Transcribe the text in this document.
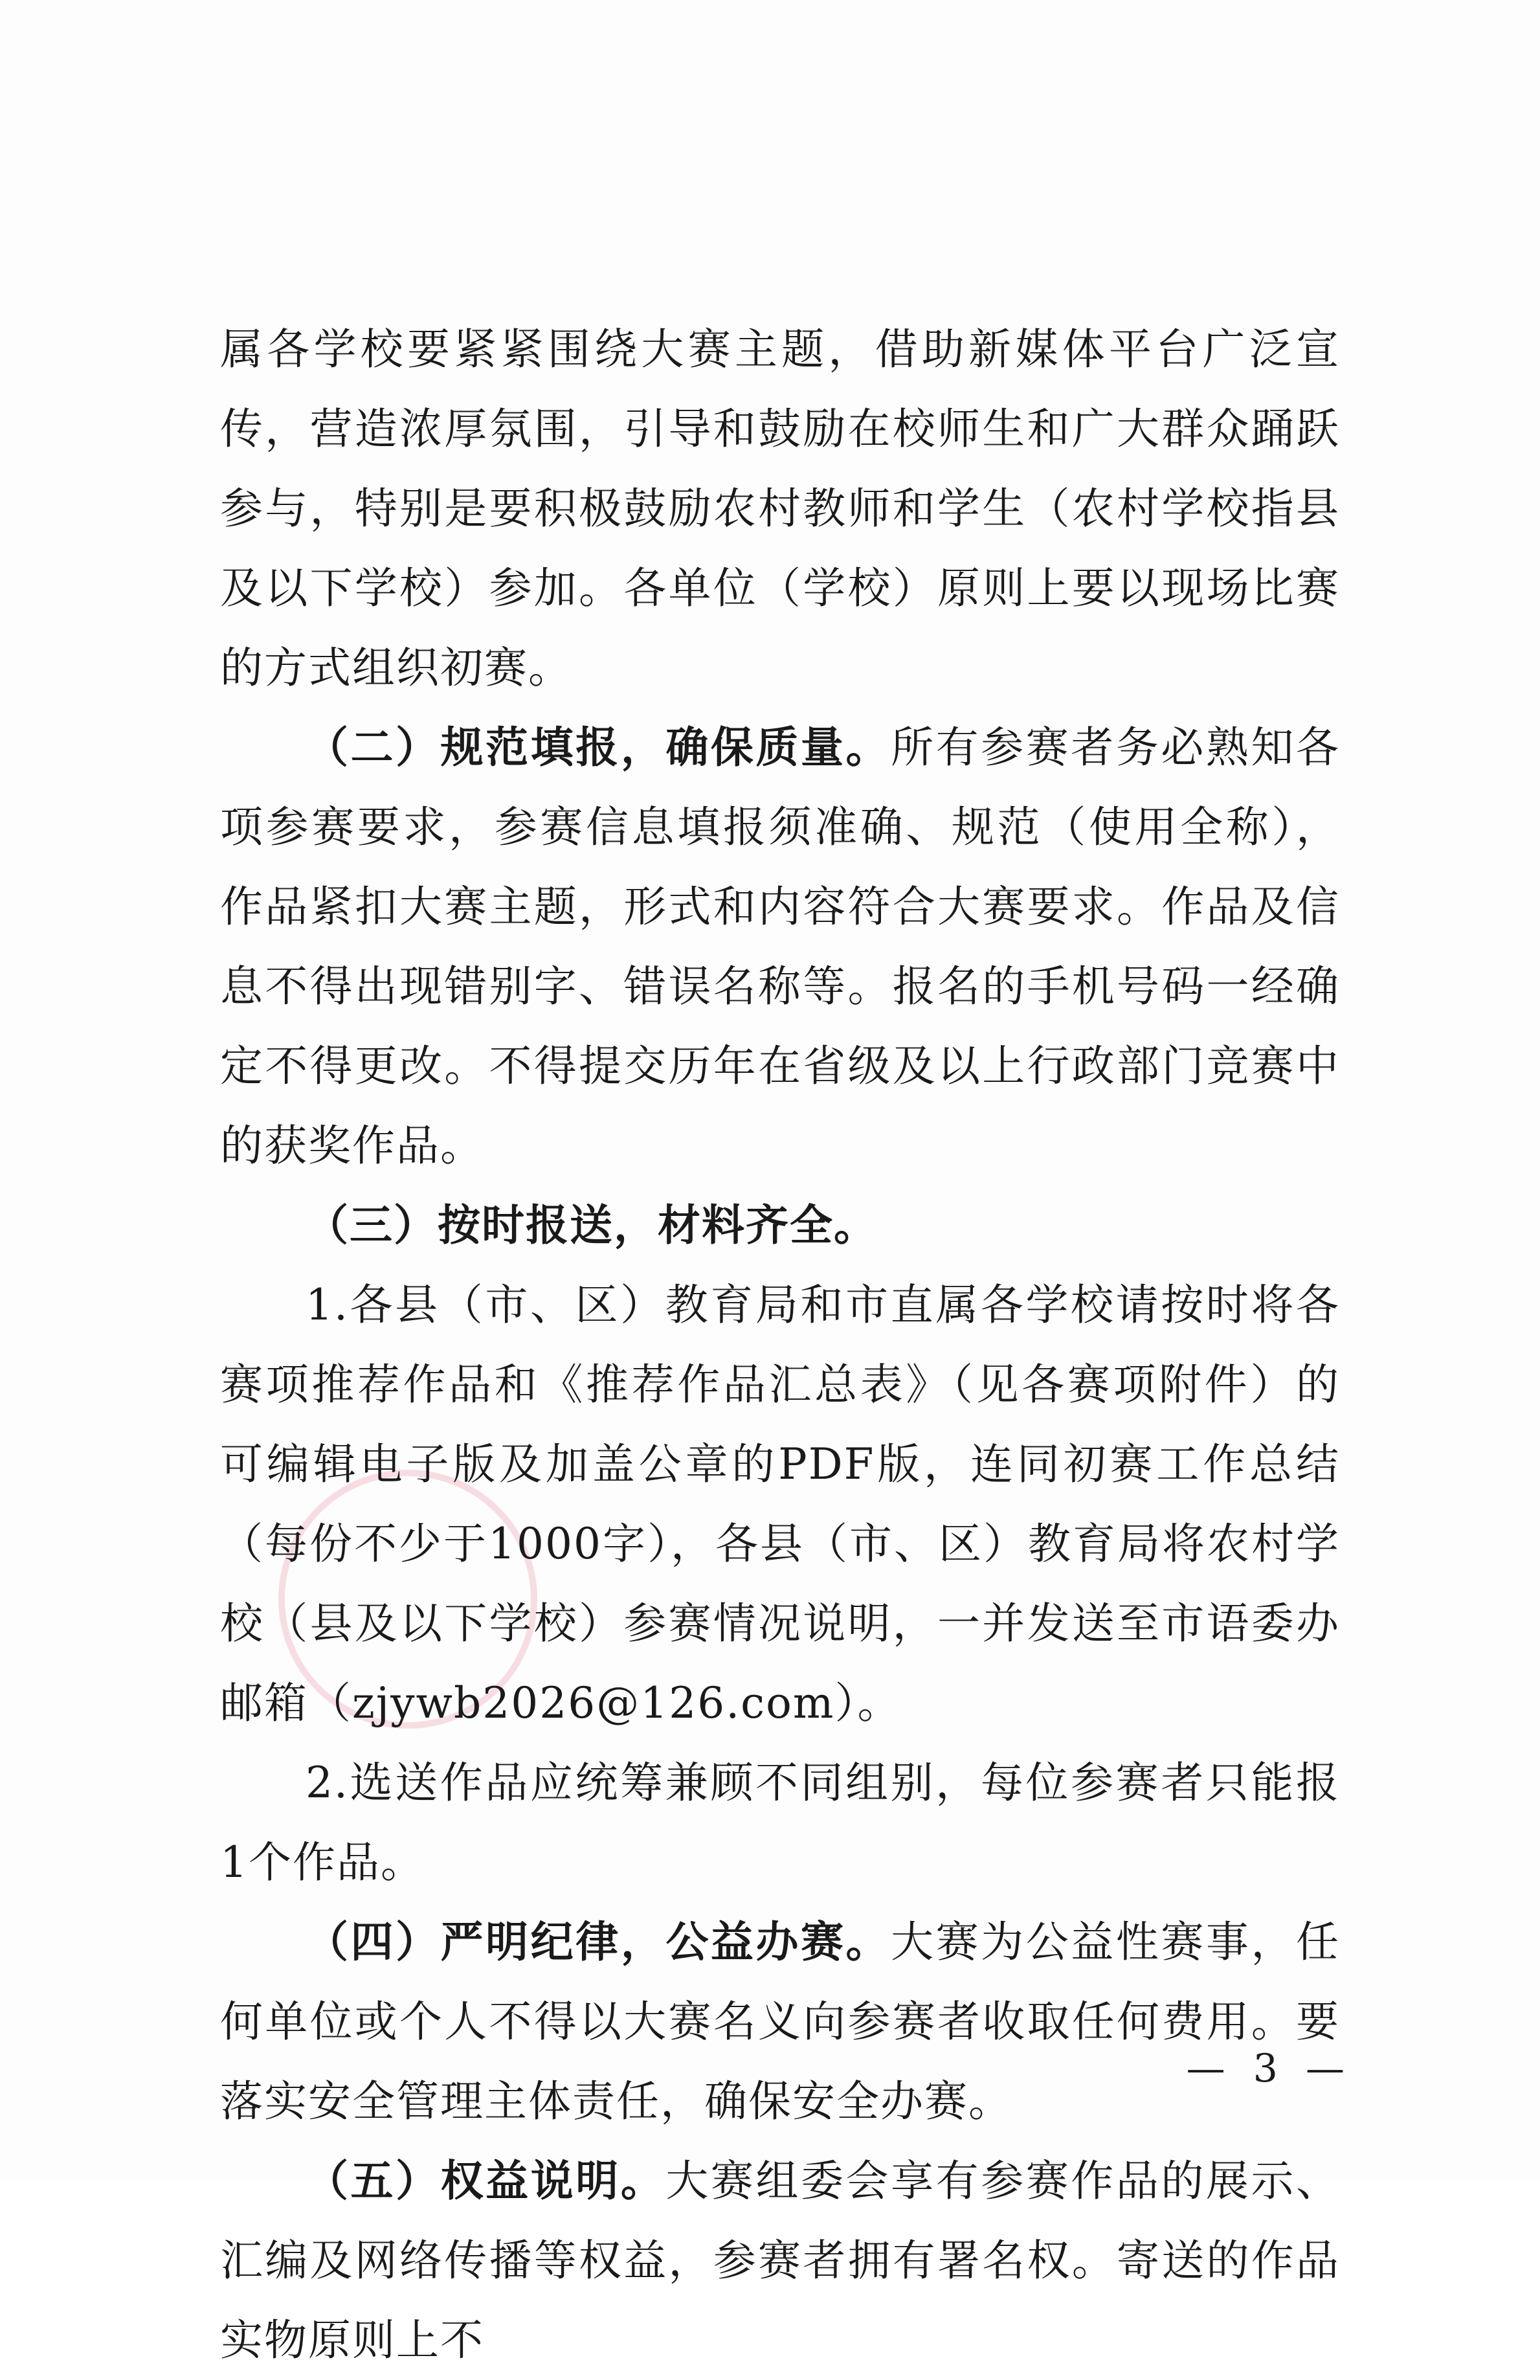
属各学校要紧紧围绕大赛主题，借助新媒体平台广泛宣传，营造浓厚氛围，引导和鼓励在校师生和广大群众踊跃参与，特别是要积极鼓励农村教师和学生（农村学校指县及以下学校）参加。各单位（学校）原则上要以现场比赛的方式组织初赛。

（二）规范填报，确保质量。所有参赛者务必熟知各项参赛要求，参赛信息填报须准确、规范（使用全称），作品紧扣大赛主题，形式和内容符合大赛要求。作品及信息不得出现错别字、错误名称等。报名的手机号码一经确定不得更改。不得提交历年在省级及以上行政部门竞赛中的获奖作品。

（三）按时报送，材料齐全。

1.各县（市、区）教育局和市直属各学校请按时将各赛项推荐作品和《推荐作品汇总表》（见各赛项附件）的可编辑电子版及加盖公章的PDF版，连同初赛工作总结（每份不少于1000字），各县（市、区）教育局将农村学校（县及以下学校）参赛情况说明，一并发送至市语委办邮箱（zjywb2026@126.com）。

2.选送作品应统筹兼顾不同组别，每位参赛者只能报1个作品。

（四）严明纪律，公益办赛。大赛为公益性赛事，任何单位或个人不得以大赛名义向参赛者收取任何费用。要落实安全管理主体责任，确保安全办赛。

（五）权益说明。大赛组委会享有参赛作品的展示、汇编及网络传播等权益，参赛者拥有署名权。寄送的作品实物原则上不

— 3 —
